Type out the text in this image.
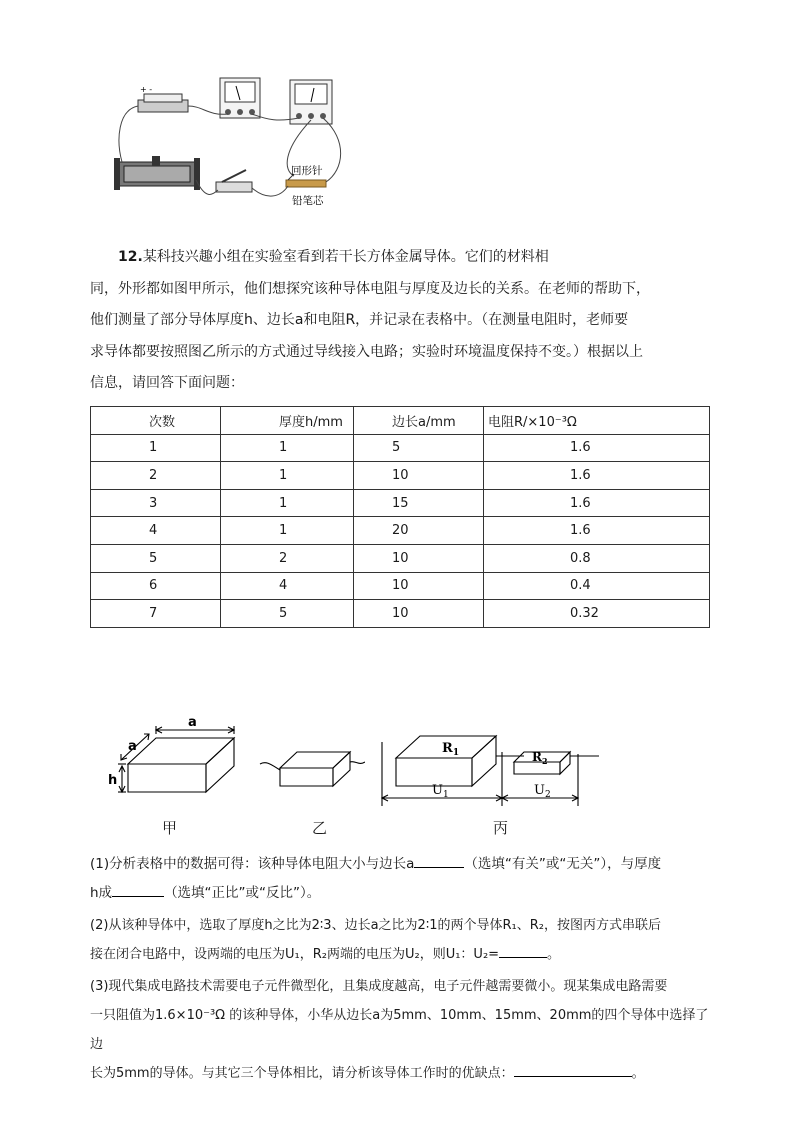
+ -
回形针
铅笔芯
12.某科技兴趣小组在实验室看到若干长方体金属导体。它们的材料相
同，外形都如图甲所示，他们想探究该种导体电阻与厚度及边长的关系。在老师的帮助下，
他们测量了部分导体厚度h、边长a和电阻R，并记录在表格中。（在测量电阻时，老师要
求导体都要按照图乙所示的方式通过导线接入电路；实验时环境温度保持不变。）根据以上
信息，请回答下面问题：
次数	厚度h/mm	边长a/mm	电阻R/×10⁻³Ω
1	1	5	1.6
2	1	10	1.6
3	1	15	1.6
4	1	20	1.6
5	2	10	0.8
6	4	10	0.4
7	5	10	0.32
a
a
h
甲	乙
$R_1$	$R_2$
$U_1$	$U_2$
丙
(1)分析表格中的数据可得：该种导体电阻大小与边长a	（选填“有关”或“无关”），与厚度
h成	（选填“正比”或“反比”）。
(2)从该种导体中，选取了厚度h之比为2∶3、边长a之比为2∶1的两个导体R₁、R₂，按图丙方式串联后
接在闭合电路中，设两端的电压为U₁，R₂两端的电压为U₂，则U₁：U₂=	。
(3)现代集成电路技术需要电子元件微型化，且集成度越高，电子元件越需要微小。现某集成电路需要
一只阻值为1.6×10⁻³Ω 的该种导体，小华从边长a为5mm、10mm、15mm、20mm的四个导体中选择了边
长为5mm的导体。与其它三个导体相比，请分析该导体工作时的优缺点：	。
